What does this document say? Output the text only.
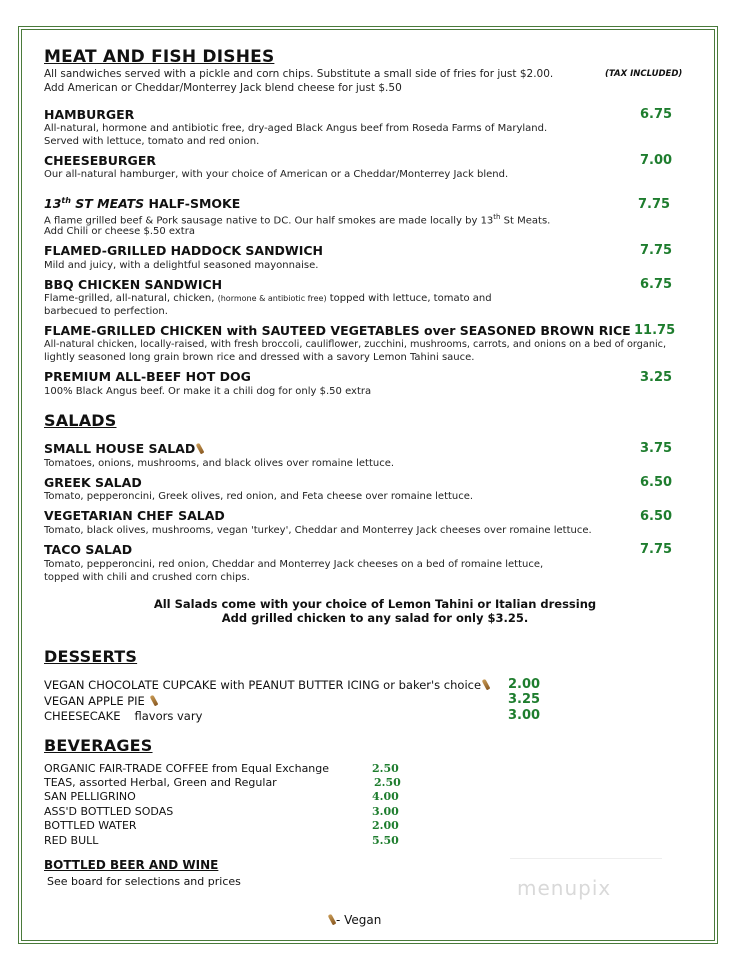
MEAT AND FISH DISHES
All sandwiches served with a pickle and corn chips. Substitute a small side of fries for just $2.00.
Add American or Cheddar/Monterrey Jack blend cheese for just $.50
(TAX INCLUDED)
HAMBURGER	6.75
All-natural, hormone and antibiotic free, dry-aged Black Angus beef from Roseda Farms of Maryland.
Served with lettuce, tomato and red onion.
CHEESEBURGER	7.00
Our all-natural hamburger, with your choice of American or a Cheddar/Monterrey Jack blend.
13th ST MEATS HALF-SMOKE	7.75
A flame grilled beef & Pork sausage native to DC. Our half smokes are made locally by 13th St Meats.
Add Chili or cheese $.50 extra
FLAMED-GRILLED HADDOCK SANDWICH	7.75
Mild and juicy, with a delightful seasoned mayonnaise.
BBQ CHICKEN SANDWICH	6.75
Flame-grilled, all-natural, chicken, (hormone & antibiotic free) topped with lettuce, tomato and
barbecued to perfection.
FLAME-GRILLED CHICKEN with SAUTEED VEGETABLES over SEASONED BROWN RICE 11.75
All-natural chicken, locally-raised, with fresh broccoli, cauliflower, zucchini, mushrooms, carrots, and onions on a bed of organic,
lightly seasoned long grain brown rice and dressed with a savory Lemon Tahini sauce.
PREMIUM ALL-BEEF HOT DOG	3.25
100% Black Angus beef. Or make it a chili dog for only $.50 extra
SALADS
SMALL HOUSE SALAD	3.75
Tomatoes, onions, mushrooms, and black olives over romaine lettuce.
GREEK SALAD	6.50
Tomato, pepperoncini, Greek olives, red onion, and Feta cheese over romaine lettuce.
VEGETARIAN CHEF SALAD	6.50
Tomato, black olives, mushrooms, vegan 'turkey', Cheddar and Monterrey Jack cheeses over romaine lettuce.
TACO SALAD	7.75
Tomato, pepperoncini, red onion, Cheddar and Monterrey Jack cheeses on a bed of romaine lettuce,
topped with chili and crushed corn chips.
All Salads come with your choice of Lemon Tahini or Italian dressing
Add grilled chicken to any salad for only $3.25.
DESSERTS
VEGAN CHOCOLATE CUPCAKE with PEANUT BUTTER ICING or baker's choice	2.00
VEGAN APPLE PIE	3.25
CHEESECAKE flavors vary	3.00
BEVERAGES
ORGANIC FAIR-TRADE COFFEE from Equal Exchange	2.50
TEAS, assorted Herbal, Green and Regular	2.50
SAN PELLIGRINO	4.00
ASS'D BOTTLED SODAS	3.00
BOTTLED WATER	2.00
RED BULL	5.50
BOTTLED BEER AND WINE
See board for selections and prices	menupix
- Vegan
